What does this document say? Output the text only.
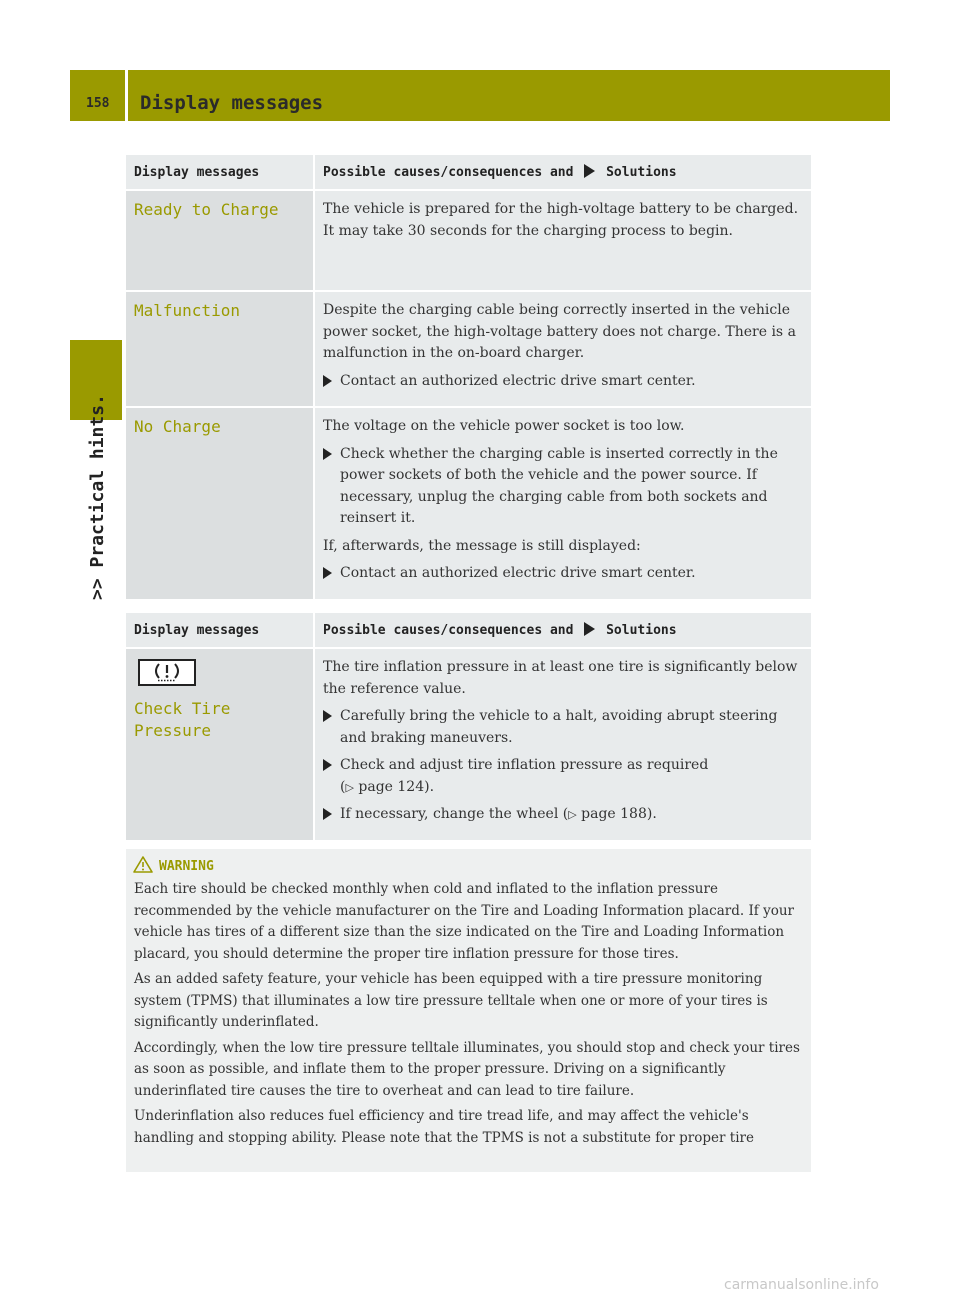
158 Display messages
>> Practical hints.
Display messages	Possible causes/consequences and Solutions

Ready to Charge	The vehicle is prepared for the high-voltage battery to be charged. It may take 30 seconds for the charging process to begin.

Malfunction	Despite the charging cable being correctly inserted in the vehicle power socket, the high-voltage battery does not charge. There is a malfunction in the on-board charger.
Contact an authorized electric drive smart center.

No Charge	The voltage on the vehicle power socket is too low.
Check whether the charging cable is inserted correctly in the power sockets of both the vehicle and the power source. If necessary, unplug the charging cable from both sockets and reinsert it.
If, afterwards, the message is still displayed:
Contact an authorized electric drive smart center.
Display messages	Possible causes/consequences and Solutions

Check Tire Pressure	The tire inflation pressure in at least one tire is significantly below the reference value.
Carefully bring the vehicle to a halt, avoiding abrupt steering and braking maneuvers.
Check and adjust tire inflation pressure as required
(▷ page 124).
If necessary, change the wheel (▷ page 188).
WARNING

Each tire should be checked monthly when cold and inflated to the inflation pressure recommended by the vehicle manufacturer on the Tire and Loading Information placard. If your vehicle has tires of a different size than the size indicated on the Tire and Loading Information placard, you should determine the proper tire inflation pressure for those tires.

As an added safety feature, your vehicle has been equipped with a tire pressure monitoring system (TPMS) that illuminates a low tire pressure telltale when one or more of your tires is significantly underinflated.

Accordingly, when the low tire pressure telltale illuminates, you should stop and check your tires as soon as possible, and inflate them to the proper pressure. Driving on a significantly underinflated tire causes the tire to overheat and can lead to tire failure.

Underinflation also reduces fuel efficiency and tire tread life, and may affect the vehicle's handling and stopping ability. Please note that the TPMS is not a substitute for proper tire

carmanualsonline.info
